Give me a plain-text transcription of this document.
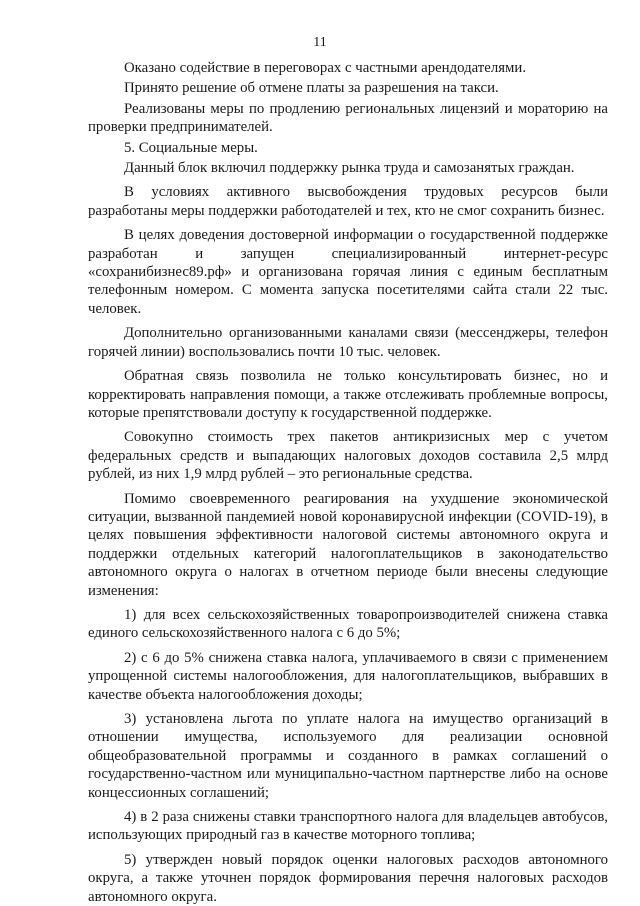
11

Оказано содействие в переговорах с частными арендодателями.

Принято решение об отмене платы за разрешения на такси.

Реализованы меры по продлению региональных лицензий и мораторию на проверки предпринимателей.

5. Социальные меры.

Данный блок включил поддержку рынка труда и самозанятых граждан.

В условиях активного высвобождения трудовых ресурсов были разработаны меры поддержки работодателей и тех, кто не смог сохранить бизнес.

В целях доведения достоверной информации о государственной поддержке разработан и запущен специализированный интернет-ресурс «сохранибизнес89.рф» и организована горячая линия с единым бесплатным телефонным номером. С момента запуска посетителями сайта стали 22 тыс. человек.

Дополнительно организованными каналами связи (мессенджеры, телефон горячей линии) воспользовались почти 10 тыс. человек.

Обратная связь позволила не только консультировать бизнес, но и корректировать направления помощи, а также отслеживать проблемные вопросы, которые препятствовали доступу к государственной поддержке.

Совокупно стоимость трех пакетов антикризисных мер с учетом федеральных средств и выпадающих налоговых доходов составила 2,5 млрд рублей, из них 1,9 млрд рублей – это региональные средства.

Помимо своевременного реагирования на ухудшение экономической ситуации, вызванной пандемией новой коронавирусной инфекции (COVID-19), в целях повышения эффективности налоговой системы автономного округа и поддержки отдельных категорий налогоплательщиков в законодательство автономного округа о налогах в отчетном периоде были внесены следующие изменения:

1) для всех сельскохозяйственных товаропроизводителей снижена ставка единого сельскохозяйственного налога с 6 до 5%;

2) с 6 до 5% снижена ставка налога, уплачиваемого в связи с применением упрощенной системы налогообложения, для налогоплательщиков, выбравших в качестве объекта налогообложения доходы;

3) установлена льгота по уплате налога на имущество организаций в отношении имущества, используемого для реализации основной общеобразовательной программы и созданного в рамках соглашений о государственно-частном или муниципально-частном партнерстве либо на основе концессионных соглашений;

4) в 2 раза снижены ставки транспортного налога для владельцев автобусов, использующих природный газ в качестве моторного топлива;

5) утвержден новый порядок оценки налоговых расходов автономного округа, а также уточнен порядок формирования перечня налоговых расходов автономного округа.
